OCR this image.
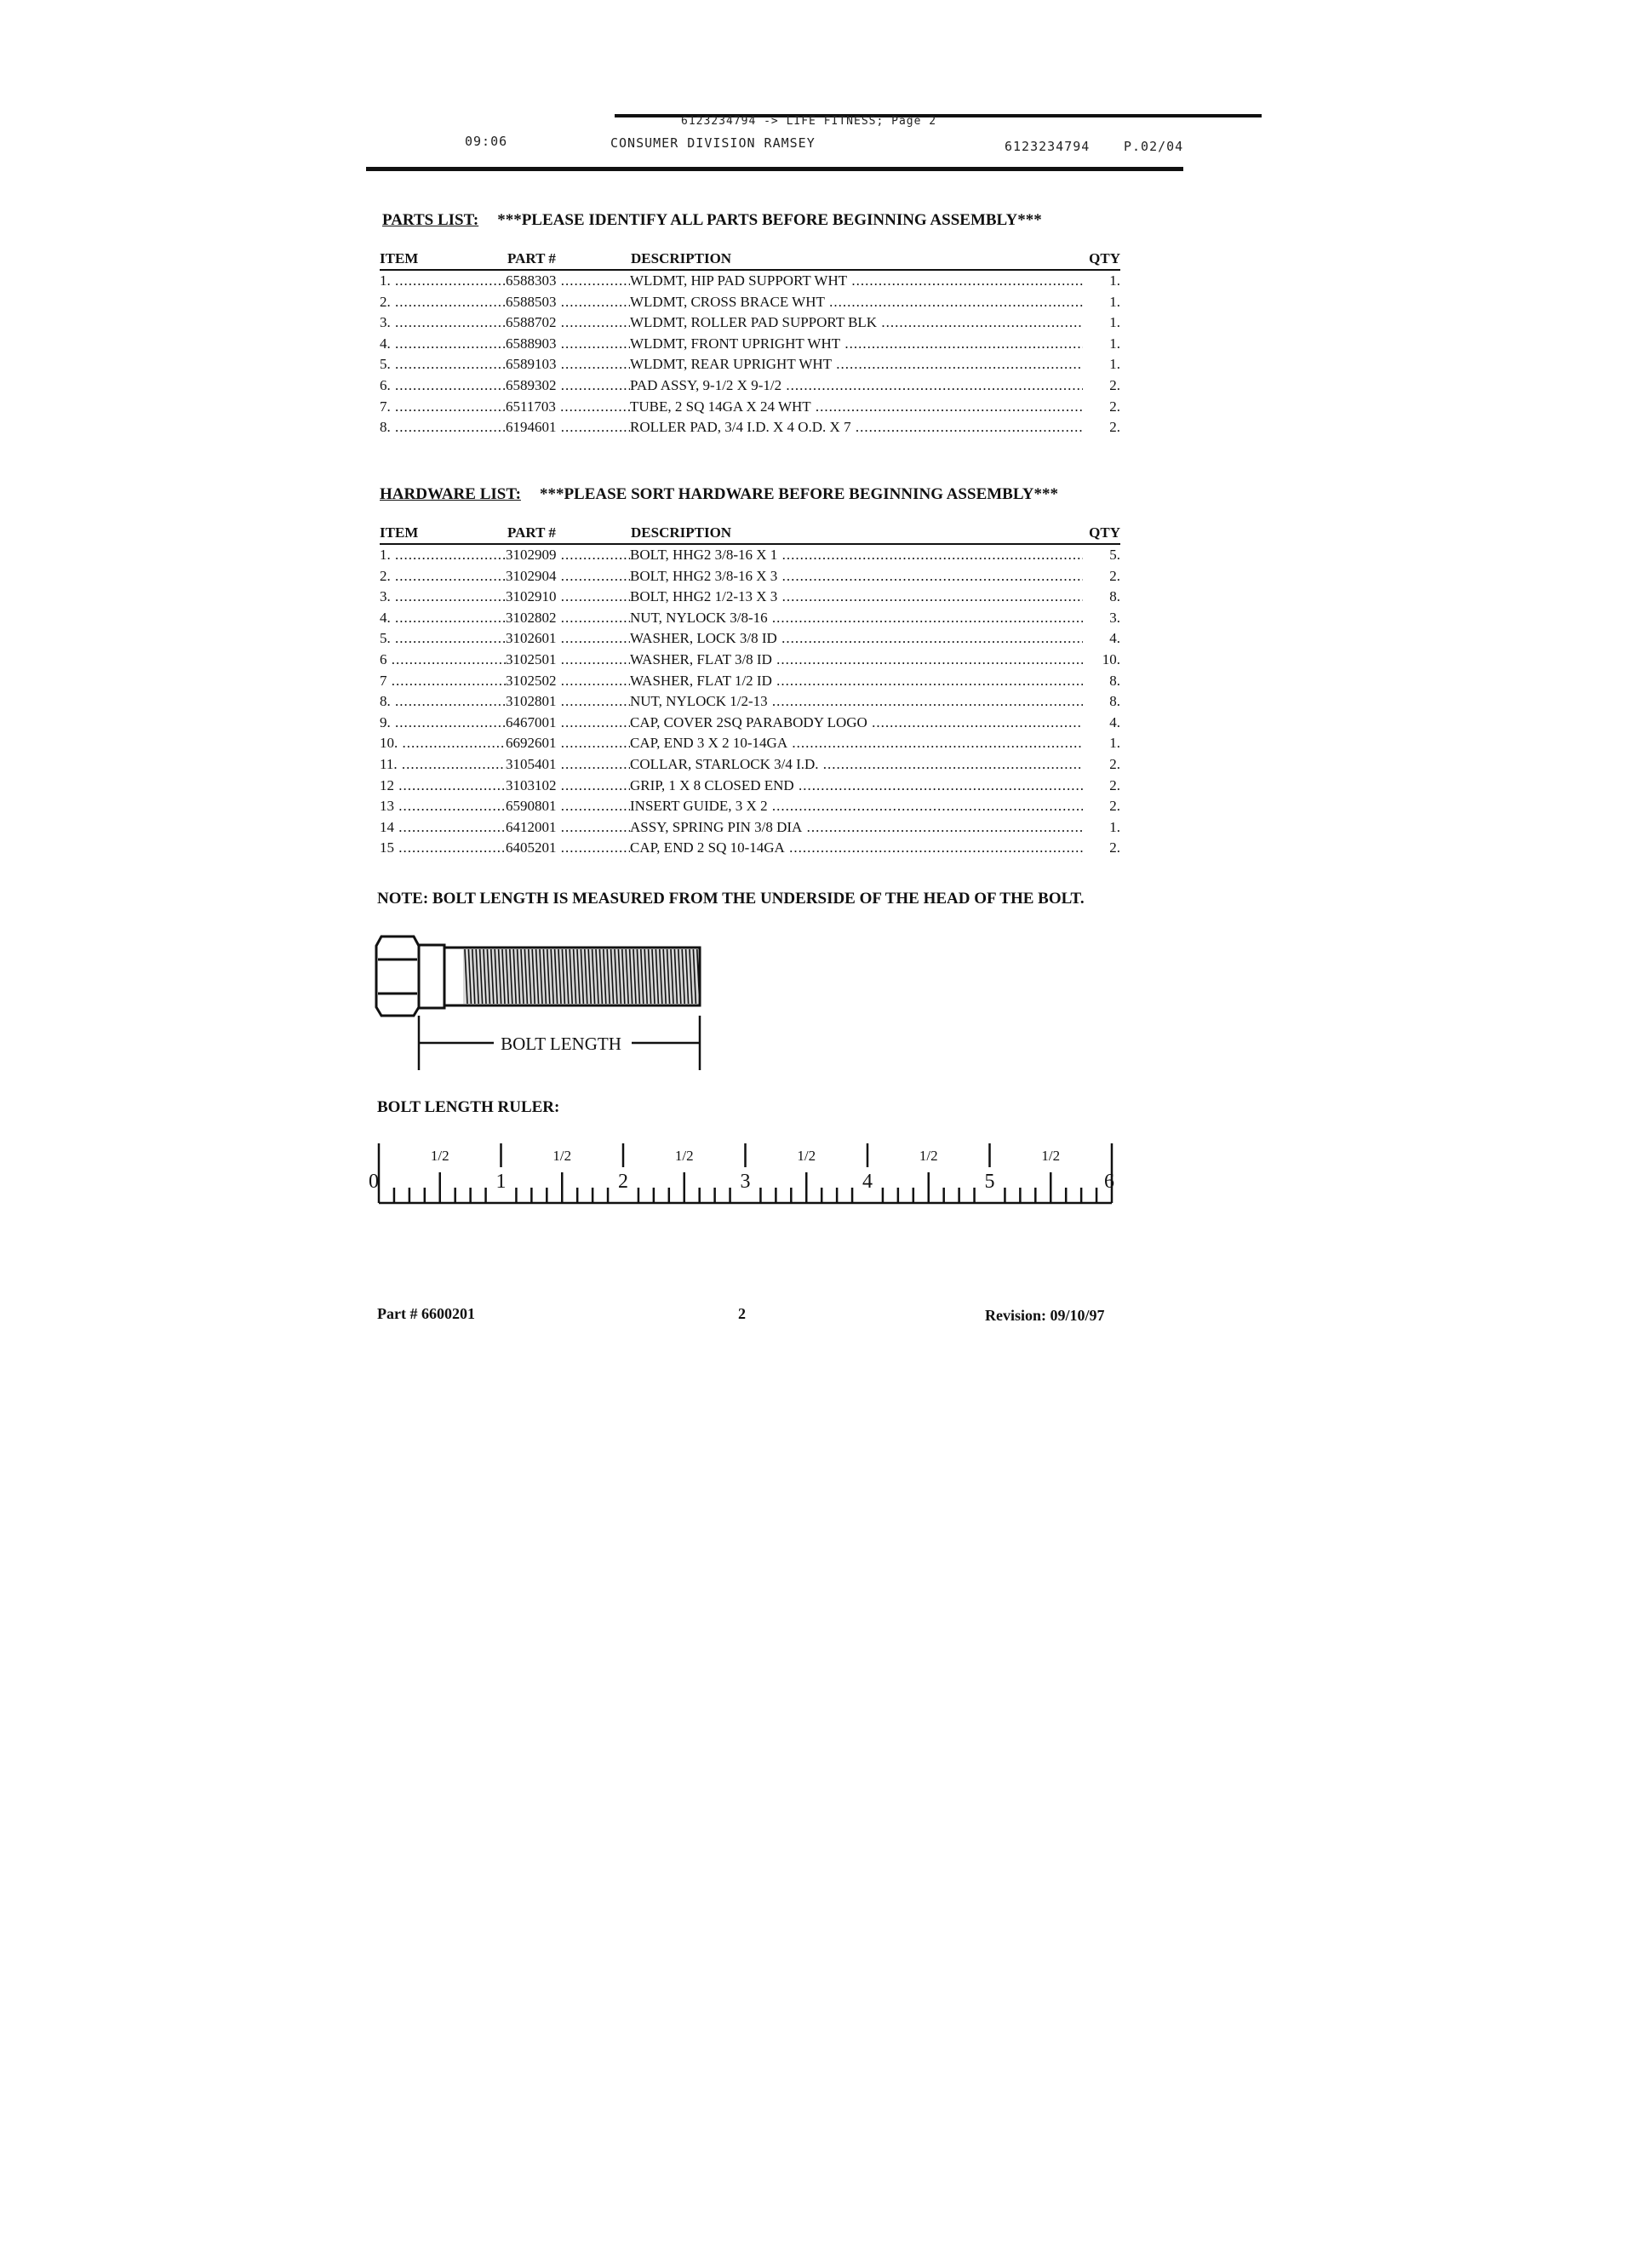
6123234794 -> LIFE FITNESS; Page 2
09:06	CONSUMER DIVISION RAMSEY	6123234794	P.02/04
PARTS LIST: ***PLEASE IDENTIFY ALL PARTS BEFORE BEGINNING ASSEMBLY***
ITEM	PART #	DESCRIPTION	QTY
1. .....	6588303 .....	WLDMT, HIP PAD SUPPORT WHT .....	1.
2. .....	6588503 .....	WLDMT, CROSS BRACE WHT .....	1.
3. .....	6588702 .....	WLDMT, ROLLER PAD SUPPORT BLK .....	1.
4. .....	6588903 .....	WLDMT, FRONT UPRIGHT WHT .....	1.
5. .....	6589103 .....	WLDMT, REAR UPRIGHT WHT .....	1.
6. .....	6589302 .....	PAD ASSY, 9-1/2 X 9-1/2 .....	2.
7. .....	6511703 .....	TUBE, 2 SQ 14GA X 24 WHT .....	2.
8. .....	6194601 .....	ROLLER PAD, 3/4 I.D. X 4 O.D. X 7 .....	2.
HARDWARE LIST: ***PLEASE SORT HARDWARE BEFORE BEGINNING ASSEMBLY***
ITEM	PART #	DESCRIPTION	QTY
1. .....	3102909 .....	BOLT, HHG2 3/8-16 X 1 .....	5.
2. .....	3102904 .....	BOLT, HHG2 3/8-16 X 3 .....	2.
3. .....	3102910 .....	BOLT, HHG2 1/2-13 X 3 .....	8.
4. .....	3102802 .....	NUT, NYLOCK 3/8-16 .....	3.
5. .....	3102601 .....	WASHER, LOCK 3/8 ID .....	4.
6 .....	3102501 .....	WASHER, FLAT 3/8 ID .....	10.
7 .....	3102502 .....	WASHER, FLAT 1/2 ID .....	8.
8. .....	3102801 .....	NUT, NYLOCK 1/2-13 .....	8.
9. .....	6467001 .....	CAP, COVER 2SQ PARABODY LOGO .....	4.
10. .....	6692601 .....	CAP, END 3 X 2 10-14GA .....	1.
11. .....	3105401 .....	COLLAR, STARLOCK 3/4 I.D. .....	2.
12 .....	3103102 .....	GRIP, 1 X 8 CLOSED END .....	2.
13 .....	6590801 .....	INSERT GUIDE, 3 X 2 .....	2.
14 .....	6412001 .....	ASSY, SPRING PIN 3/8 DIA .....	1.
15 .....	6405201 .....	CAP, END 2 SQ 10-14GA .....	2.
NOTE: BOLT LENGTH IS MEASURED FROM THE UNDERSIDE OF THE HEAD OF THE BOLT.
BOLT LENGTH
BOLT LENGTH RULER:
1/2	1/2	1/2	1/2	1/2	1/2
0	1	2	3	4	5	6
Part # 6600201	2	Revision: 09/10/97
